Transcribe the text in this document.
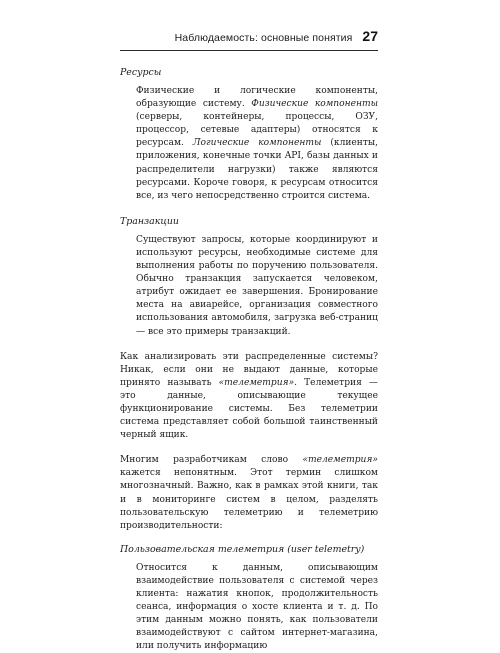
Наблюдаемость: основные понятия 27

Ресурсы

Физические и логические компоненты, образующие систему. Физические компоненты (серверы, контейнеры, процессы, ОЗУ, процессор, сетевые адаптеры) относятся к ресурсам. Логические компоненты (клиенты, приложения, конечные точки API, базы данных и распределители нагрузки) также являются ресурсами. Короче говоря, к ресурсам относится все, из чего непосредственно строится система.

Транзакции

Существуют запросы, которые координируют и используют ресурсы, необходимые системе для выполнения работы по поручению пользователя. Обычно транзакция запускается человеком, атрибут ожидает ее завершения. Бронирование места на авиарейсе, организация совместного использования автомобиля, загрузка веб-страниц — все это примеры транзакций.

Как анализировать эти распределенные системы? Никак, если они не выдают данные, которые принято называть «телеметрия». Телеметрия — это данные, описывающие текущее функционирование системы. Без телеметрии система представляет собой большой таинственный черный ящик.

Многим разработчикам слово «телеметрия» кажется непонятным. Этот термин слишком многозначный. Важно, как в рамках этой книги, так и в мониторинге систем в целом, разделять пользовательскую телеметрию и телеметрию производительности:

Пользовательская телеметрия (user telemetry)

Относится к данным, описывающим взаимодействие пользователя с системой через клиента: нажатия кнопок, продолжительность сеанса, информация о хосте клиента и т. д. По этим данным можно понять, как пользователи взаимодействуют с сайтом интернет-магазина, или получить информацию
